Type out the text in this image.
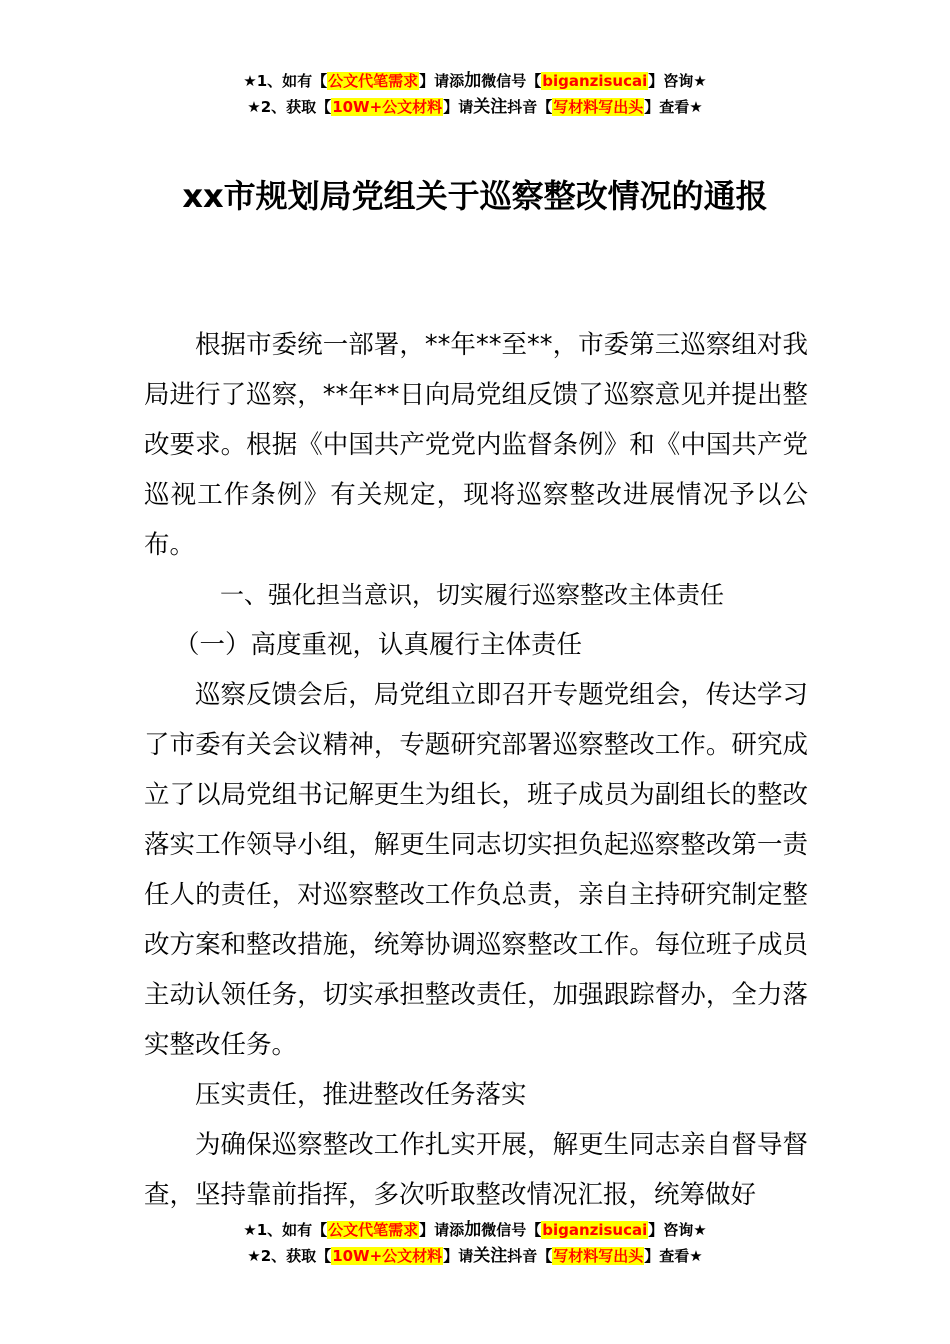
★1、如有【公文代笔需求】请添加微信号【biganzisucai】咨询★
★2、获取【10W+公文材料】请关注抖音【写材料写出头】查看★
xx市规划局党组关于巡察整改情况的通报

根据市委统一部署，**年**至**，市委第三巡察组对我局进行了巡察，**年**日向局党组反馈了巡察意见并提出整改要求。根据《中国共产党党内监督条例》和《中国共产党巡视工作条例》有关规定，现将巡察整改进展情况予以公布。

一、强化担当意识，切实履行巡察整改主体责任

（一）高度重视，认真履行主体责任

巡察反馈会后，局党组立即召开专题党组会，传达学习了市委有关会议精神，专题研究部署巡察整改工作。研究成立了以局党组书记解更生为组长，班子成员为副组长的整改落实工作领导小组，解更生同志切实担负起巡察整改第一责任人的责任，对巡察整改工作负总责，亲自主持研究制定整改方案和整改措施，统筹协调巡察整改工作。每位班子成员主动认领任务，切实承担整改责任，加强跟踪督办，全力落实整改任务。

压实责任，推进整改任务落实

为确保巡察整改工作扎实开展，解更生同志亲自督导督查，坚持靠前指挥，多次听取整改情况汇报，统筹做好

★1、如有【公文代笔需求】请添加微信号【biganzisucai】咨询★
★2、获取【10W+公文材料】请关注抖音【写材料写出头】查看★
